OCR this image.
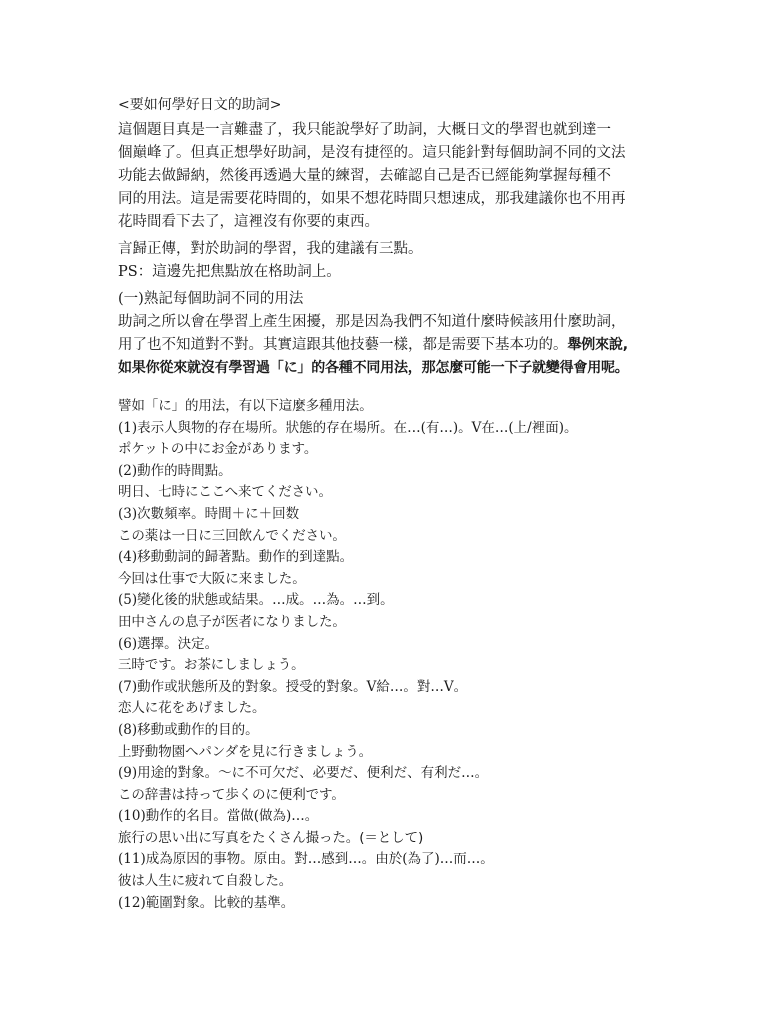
<要如何學好日文的助詞>

這個題目真是一言難盡了，我只能說學好了助詞，大概日文的學習也就到達一
個巔峰了。但真正想學好助詞，是沒有捷徑的。這只能針對每個助詞不同的文法
功能去做歸納，然後再透過大量的練習，去確認自己是否已經能夠掌握每種不
同的用法。這是需要花時間的，如果不想花時間只想速成，那我建議你也不用再
花時間看下去了，這裡沒有你要的東西。

言歸正傳，對於助詞的學習，我的建議有三點。
PS：這邊先把焦點放在格助詞上。
(一)熟記每個助詞不同的用法
助詞之所以會在學習上產生困擾，那是因為我們不知道什麼時候該用什麼助詞，
用了也不知道對不對。其實這跟其他技藝一樣，都是需要下基本功的。舉例來說,
如果你從來就沒有學習過「に」的各種不同用法，那怎麼可能一下子就變得會用呢。
譬如「に」的用法，有以下這麼多種用法。
(1)表示人與物的存在場所。狀態的存在場所。在…(有…)。V在…(上/裡面)。
ポケットの中にお金があります。
(2)動作的時間點。
明日、七時にここへ来てください。
(3)次數頻率。時間＋に＋回数
この薬は一日に三回飲んでください。
(4)移動動詞的歸著點。動作的到達點。
今回は仕事で大阪に来ました。
(5)變化後的狀態或結果。…成。…為。…到。
田中さんの息子が医者になりました。
(6)選擇。決定。
三時です。お茶にしましょう。
(7)動作或狀態所及的對象。授受的對象。V給…。對…V。
恋人に花をあげました。
(8)移動或動作的目的。
上野動物園へパンダを見に行きましょう。
(9)用途的對象。～に不可欠だ、必要だ、便利だ、有利だ…。
この辞書は持って歩くのに便利です。
(10)動作的名目。當做(做為)…。
旅行の思い出に写真をたくさん撮った。(＝として)
(11)成為原因的事物。原由。對…感到…。由於(為了)…而…。
彼は人生に疲れて自殺した。
(12)範圍對象。比較的基準。
